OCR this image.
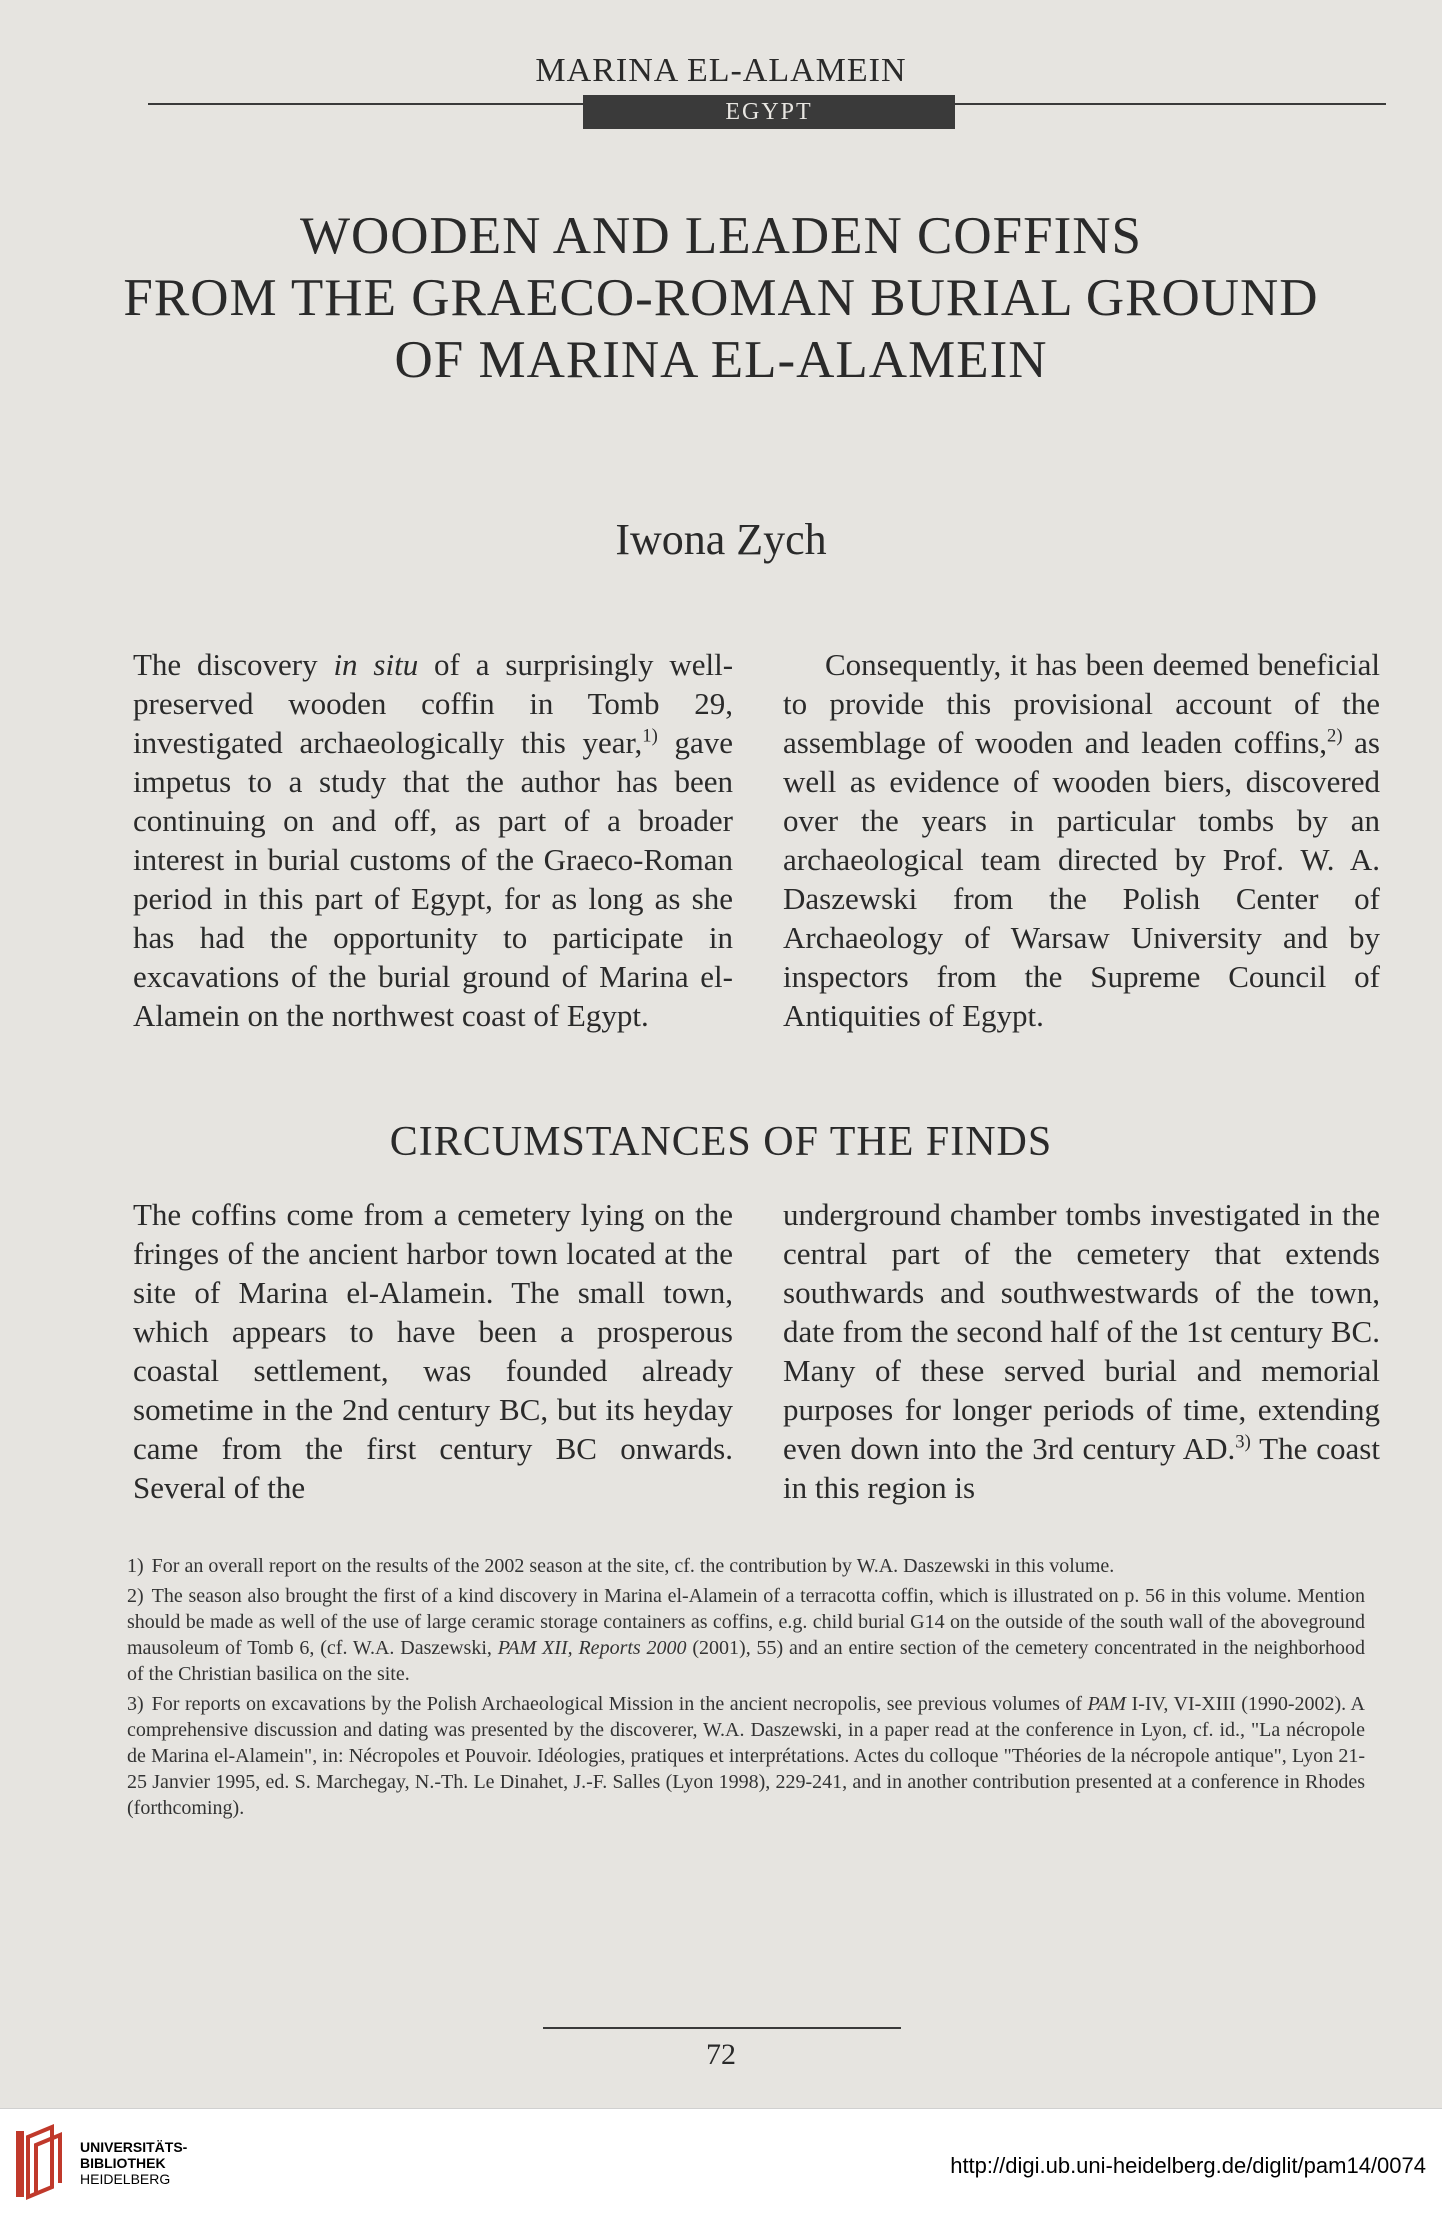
MARINA EL-ALAMEIN
EGYPT
WOODEN AND LEADEN COFFINS
FROM THE GRAECO-ROMAN BURIAL GROUND
OF MARINA EL-ALAMEIN
Iwona Zych
The discovery in situ of a surprisingly well-preserved wooden coffin in Tomb 29, investigated archaeologically this year,$^{1)}$ gave impetus to a study that the author has been continuing on and off, as part of a broader interest in burial customs of the Graeco-Roman period in this part of Egypt, for as long as she has had the opportunity to participate in excavations of the burial ground of Marina el-Alamein on the northwest coast of Egypt.
Consequently, it has been deemed beneficial to provide this provisional account of the assemblage of wooden and leaden coffins,$^{2)}$ as well as evidence of wooden biers, discovered over the years in particular tombs by an archaeological team directed by Prof. W. A. Daszewski from the Polish Center of Archaeology of Warsaw University and by inspectors from the Supreme Council of Antiquities of Egypt.
CIRCUMSTANCES OF THE FINDS
The coffins come from a cemetery lying on the fringes of the ancient harbor town located at the site of Marina el-Alamein. The small town, which appears to have been a prosperous coastal settlement, was founded already sometime in the 2nd century BC, but its heyday came from the first century BC onwards. Several of the
underground chamber tombs investigated in the central part of the cemetery that extends southwards and southwestwards of the town, date from the second half of the 1st century BC. Many of these served burial and memorial purposes for longer periods of time, extending even down into the 3rd century AD.$^{3)}$ The coast in this region is

1) For an overall report on the results of the 2002 season at the site, cf. the contribution by W.A. Daszewski in this volume.

2) The season also brought the first of a kind discovery in Marina el-Alamein of a terracotta coffin, which is illustrated on p. 56 in this volume. Mention should be made as well of the use of large ceramic storage containers as coffins, e.g. child burial G14 on the outside of the south wall of the aboveground mausoleum of Tomb 6, (cf. W.A. Daszewski, PAM XII, Reports 2000 (2001), 55) and an entire section of the cemetery concentrated in the neighborhood of the Christian basilica on the site.

3) For reports on excavations by the Polish Archaeological Mission in the ancient necropolis, see previous volumes of PAM I-IV, VI-XIII (1990-2002). A comprehensive discussion and dating was presented by the discoverer, W.A. Daszewski, in a paper read at the conference in Lyon, cf. id., "La nécropole de Marina el-Alamein", in: Nécropoles et Pouvoir. Idéologies, pratiques et interprétations. Actes du colloque "Théories de la nécropole antique", Lyon 21-25 Janvier 1995, ed. S. Marchegay, N.-Th. Le Dinahet, J.-F. Salles (Lyon 1998), 229-241, and in another contribution presented at a conference in Rhodes (forthcoming).

72
UNIVERSITÄTS-
BIBLIOTHEK
HEIDELBERG
http://digi.ub.uni-heidelberg.de/diglit/pam14/0074
